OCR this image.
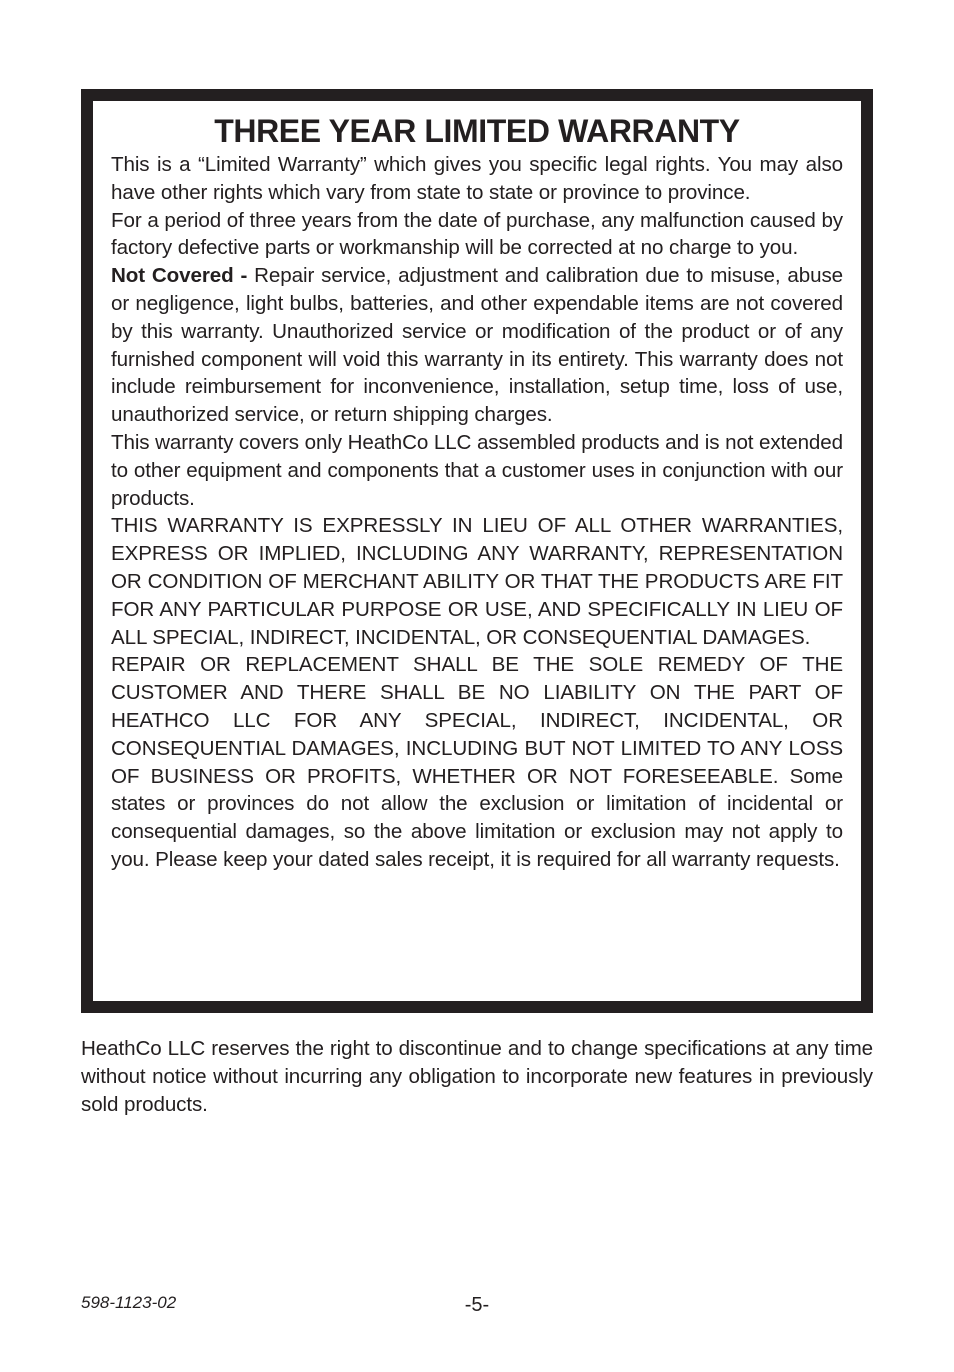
THREE YEAR LIMITED WARRANTY

This is a “Limited Warranty” which gives you specific legal rights. You may also have other rights which vary from state to state or province to province.

For a period of three years from the date of purchase, any malfunction caused by factory defective parts or workmanship will be corrected at no charge to you.

Not Covered - Repair service, adjustment and calibration due to misuse, abuse or negligence, light bulbs, batteries, and other expendable items are not covered by this warranty. Unauthorized service or modification of the product or of any furnished component will void this warranty in its entirety. This warranty does not include reimbursement for inconvenience, installation, setup time, loss of use, unauthorized service, or return shipping charges.

This warranty covers only HeathCo LLC assembled products and is not extended to other equipment and components that a customer uses in conjunction with our products.

THIS WARRANTY IS EXPRESSLY IN LIEU OF ALL OTHER WARRANTIES, EXPRESS OR IMPLIED, INCLUDING ANY WARRANTY, REPRESENTATION OR CONDITION OF MERCHANT ABILITY OR THAT THE PRODUCTS ARE FIT FOR ANY PARTICULAR PURPOSE OR USE, AND SPECIFICALLY IN LIEU OF ALL SPECIAL, INDIRECT, INCIDENTAL, OR CONSEQUENTIAL DAMAGES.

REPAIR OR REPLACEMENT SHALL BE THE SOLE REMEDY OF THE CUSTOMER AND THERE SHALL BE NO LIABILITY ON THE PART OF HEATHCO LLC FOR ANY SPECIAL, INDIRECT, INCIDENTAL, OR CONSEQUENTIAL DAMAGES, INCLUDING BUT NOT LIMITED TO ANY LOSS OF BUSINESS OR PROFITS, WHETHER OR NOT FORESEEABLE. Some states or provinces do not allow the exclusion or limitation of incidental or consequential damages, so the above limitation or exclusion may not apply to you. Please keep your dated sales receipt, it is required for all warranty requests.

HeathCo LLC reserves the right to discontinue and to change specifications at any time without notice without incurring any obligation to incorporate new features in previously sold products.

598-1123-02	-5-
